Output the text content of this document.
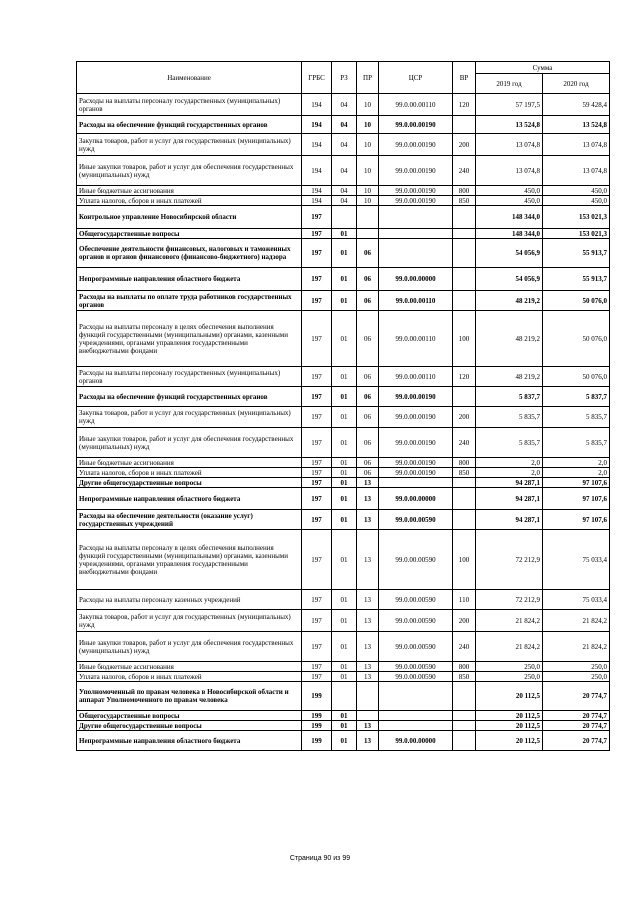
Наименование	ГРБС	РЗ	ПР	ЦСР	ВР	Сумма	
						2019 год	2020 год
Расходы на выплаты персоналу государственных (муниципальных) органов	194	04	10	99.0.00.00110	120	57 197,5	59 428,4
Расходы на обеспечение функций государственных органов	194	04	10	99.0.00.00190		13 524,8	13 524,8
Закупка товаров, работ и услуг для государственных (муниципальных) нужд	194	04	10	99.0.00.00190	200	13 074,8	13 074,8
Иные закупки товаров, работ и услуг для обеспечения государственных (муниципальных) нужд	194	04	10	99.0.00.00190	240	13 074,8	13 074,8
Иные бюджетные ассигнования	194	04	10	99.0.00.00190	800	450,0	450,0
Уплата налогов, сборов и иных платежей	194	04	10	99.0.00.00190	850	450,0	450,0
Контрольное управление Новосибирской области	197					148 344,0	153 021,3
Общегосударственные вопросы	197	01				148 344,0	153 021,3
Обеспечение деятельности финансовых, налоговых и таможенных органов и органов финансового (финансово-бюджетного) надзора	197	01	06			54 056,9	55 913,7
Непрограммные направления областного бюджета	197	01	06	99.0.00.00000		54 056,9	55 913,7
Расходы на выплаты по оплате труда работников государственных органов	197	01	06	99.0.00.00110		48 219,2	50 076,0
Расходы на выплаты персоналу в целях обеспечения выполнения функций государственными (муниципальными) органами, казенными учреждениями, органами управления государственными внебюджетными фондами	197	01	06	99.0.00.00110	100	48 219,2	50 076,0
Расходы на выплаты персоналу государственных (муниципальных) органов	197	01	06	99.0.00.00110	120	48 219,2	50 076,0
Расходы на обеспечение функций государственных органов	197	01	06	99.0.00.00190		5 837,7	5 837,7
Закупка товаров, работ и услуг для государственных (муниципальных) нужд	197	01	06	99.0.00.00190	200	5 835,7	5 835,7
Иные закупки товаров, работ и услуг для обеспечения государственных (муниципальных) нужд	197	01	06	99.0.00.00190	240	5 835,7	5 835,7
Иные бюджетные ассигнования	197	01	06	99.0.00.00190	800	2,0	2,0
Уплата налогов, сборов и иных платежей	197	01	06	99.0.00.00190	850	2,0	2,0
Другие общегосударственные вопросы	197	01	13			94 287,1	97 107,6
Непрограммные направления областного бюджета	197	01	13	99.0.00.00000		94 287,1	97 107,6
Расходы на обеспечение деятельности (оказание услуг) государственных учреждений	197	01	13	99.0.00.00590		94 287,1	97 107,6
Расходы на выплаты персоналу в целях обеспечения выполнения функций государственными (муниципальными) органами, казенными учреждениями, органами управления государственными внебюджетными фондами	197	01	13	99.0.00.00590	100	72 212,9	75 033,4
Расходы на выплаты персоналу казенных учреждений	197	01	13	99.0.00.00590	110	72 212,9	75 033,4
Закупка товаров, работ и услуг для государственных (муниципальных) нужд	197	01	13	99.0.00.00590	200	21 824,2	21 824,2
Иные закупки товаров, работ и услуг для обеспечения государственных (муниципальных) нужд	197	01	13	99.0.00.00590	240	21 824,2	21 824,2
Иные бюджетные ассигнования	197	01	13	99.0.00.00590	800	250,0	250,0
Уплата налогов, сборов и иных платежей	197	01	13	99.0.00.00590	850	250,0	250,0
Уполномоченный по правам человека в Новосибирской области и аппарат Уполномоченного по правам человека	199					20 112,5	20 774,7
Общегосударственные вопросы	199	01				20 112,5	20 774,7
Другие общегосударственные вопросы	199	01	13			20 112,5	20 774,7
Непрограммные направления областного бюджета	199	01	13	99.0.00.00000		20 112,5	20 774,7
Страница 90 из 99
